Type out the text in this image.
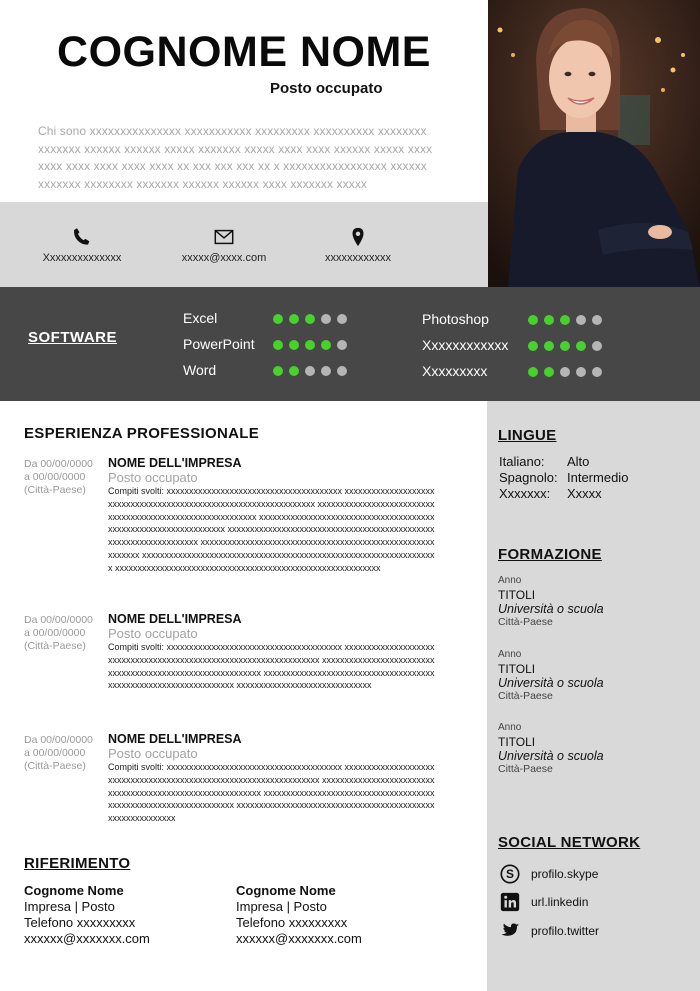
COGNOME NOME
Posto occupato
Chi sono xxxxxxxxxxxxxxx xxxxxxxxxxx xxxxxxxxx xxxxxxxxxx xxxxxxxx xxxxxxx xxxxxx xxxxxx xxxxx xxxxxxx xxxxx xxxx xxxx xxxxxx xxxxx xxxx xxxx xxxx xxxx xxxx xxxx xx xxx xxx xxx xx x xxxxxxxxxxxxxxxxx xxxxxx xxxxxxx xxxxxxxx xxxxxxx xxxxxx xxxxxx xxxx xxxxxxx xxxxx
Xxxxxxxxxxxxxx	xxxxx@xxxx.com	xxxxxxxxxxxx
SOFTWARE
Excel
PowerPoint
Word
Photoshop
Xxxxxxxxxxxx
Xxxxxxxxx
ESPERIENZA PROFESSIONALE
Da 00/00/0000
a 00/00/0000
(Città-Paese)
NOME DELL'IMPRESA
Posto occupato
Compiti svolti: xxxxxxxxxxxxxxxxxxxxxxxxxxxxxxxxxxxxxxx xxxxxxxxxxxxxxxxxxxxxxxxxxxxxxxxxxxxxxxxxxxxxxxxxxxxxxxxxxxxxxxxxx xxxxxxxxxxxxxxxxxxxxxxxxxxxxxxxxxxxxxxxxxxxxxxxxxxxxxxxxxxx xxxxxxxxxxxxxxxxxxxxxxxxxxxxxxxxxxxxxxxxxxxxxxxxxxxxxxxxxxxxxxxxx xxxxxxxxxxxxxxxxxxxxxxxxxxxxxxxxxxxxxxxxxxxxxxxxxxxxxxxxxxxxxxxxxx xxxxxxxxxxxxxxxxxxxxxxxxxxxxxxxxxxxxxxxxxxxxxxxxxxxxxxxxxxx xxxxxxxxxxxxxxxxxxxxxxxxxxxxxxxxxxxxxxxxxxxxxxxxxxxxxxxxxxxxxxxxxx xxxxxxxxxxxxxxxxxxxxxxxxxxxxxxxxxxxxxxxxxxxxxxxxxxxxxxxxxxx
Da 00/00/0000
a 00/00/0000
(Città-Paese)
NOME DELL'IMPRESA
Posto occupato
Compiti svolti: xxxxxxxxxxxxxxxxxxxxxxxxxxxxxxxxxxxxxxx xxxxxxxxxxxxxxxxxxxxxxxxxxxxxxxxxxxxxxxxxxxxxxxxxxxxxxxxxxxxxxxxxxx xxxxxxxxxxxxxxxxxxxxxxxxxxxxxxxxxxxxxxxxxxxxxxxxxxxxxxxxxxx xxxxxxxxxxxxxxxxxxxxxxxxxxxxxxxxxxxxxxxxxxxxxxxxxxxxxxxxxxxxxxxxxx xxxxxxxxxxxxxxxxxxxxxxxxxxxxxx
Da 00/00/0000
a 00/00/0000
(Città-Paese)
NOME DELL'IMPRESA
Posto occupato
Compiti svolti: xxxxxxxxxxxxxxxxxxxxxxxxxxxxxxxxxxxxxxx xxxxxxxxxxxxxxxxxxxxxxxxxxxxxxxxxxxxxxxxxxxxxxxxxxxxxxxxxxxxxxxxxxx xxxxxxxxxxxxxxxxxxxxxxxxxxxxxxxxxxxxxxxxxxxxxxxxxxxxxxxxxxx xxxxxxxxxxxxxxxxxxxxxxxxxxxxxxxxxxxxxxxxxxxxxxxxxxxxxxxxxxxxxxxxxx xxxxxxxxxxxxxxxxxxxxxxxxxxxxxxxxxxxxxxxxxxxxxxxxxxxxxxxxxxx
RIFERIMENTO
Cognome Nome
Impresa | Posto
Telefono xxxxxxxxx
xxxxxx@xxxxxxx.com
Cognome Nome
Impresa | Posto
Telefono xxxxxxxxx
xxxxxx@xxxxxxx.com
LINGUE
Italiano:	Alto
Spagnolo: Intermedio
Xxxxxxx:	Xxxxx
FORMAZIONE
Anno
TITOLI
Università o scuola
Città-Paese
Anno
TITOLI
Università o scuola
Città-Paese
Anno
TITOLI
Università o scuola
Città-Paese
SOCIAL NETWORK
S profilo.skype
url.linkedin
profilo.twitter
